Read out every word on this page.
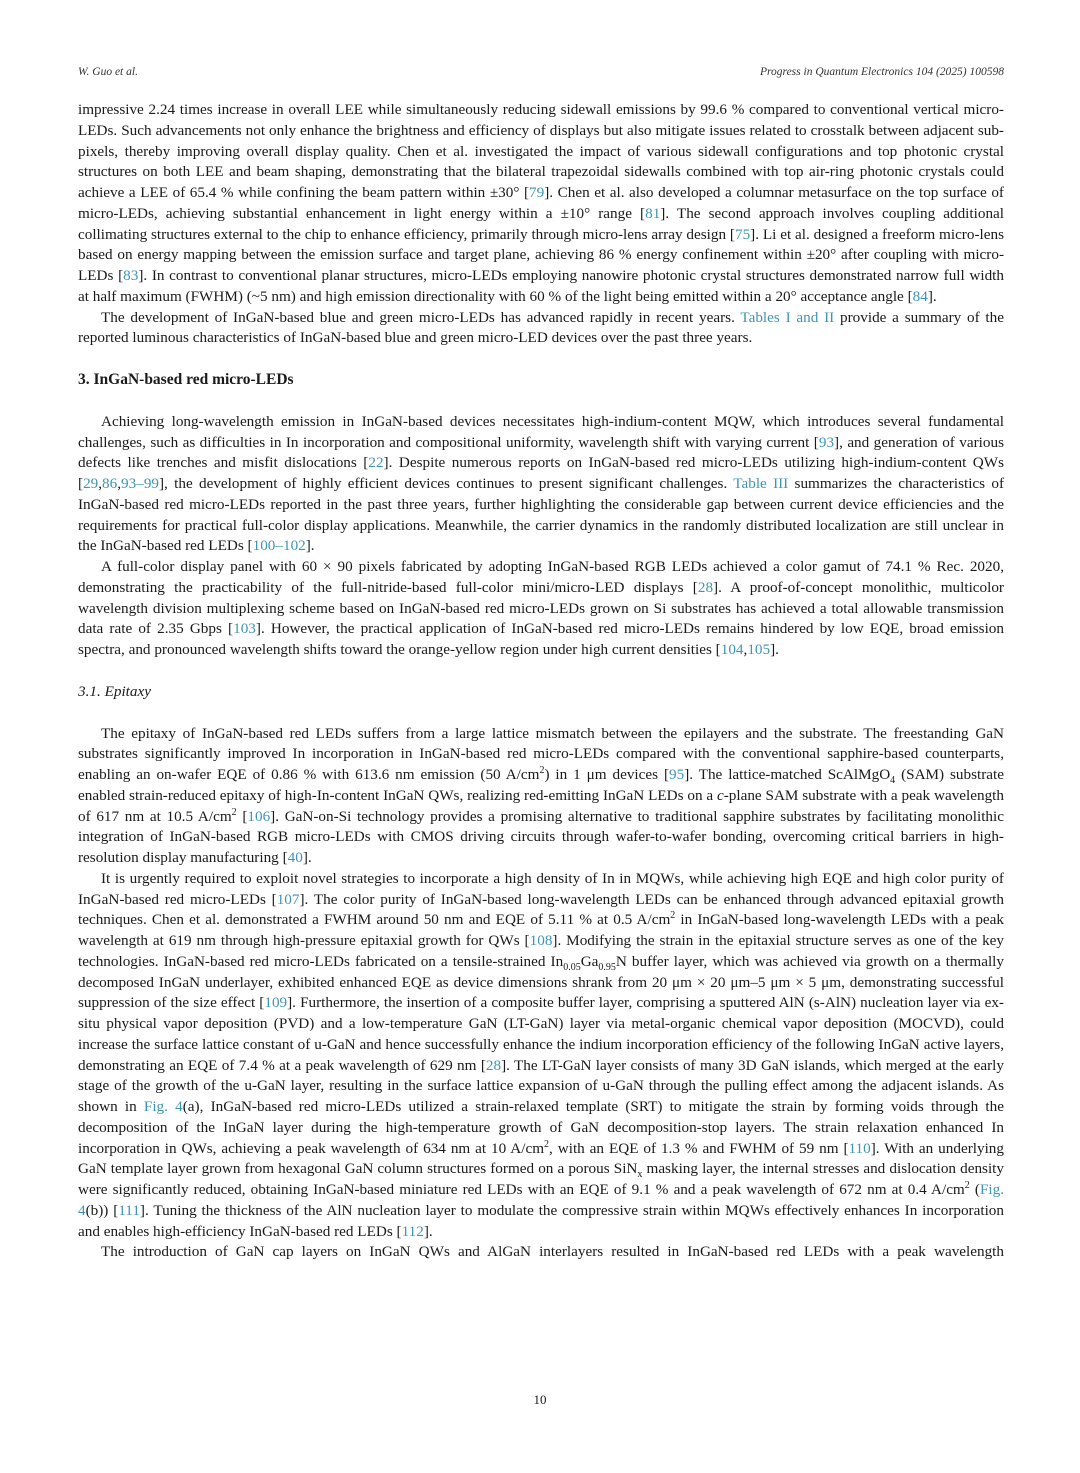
W. Guo et al.	Progress in Quantum Electronics 104 (2025) 100598

impressive 2.24 times increase in overall LEE while simultaneously reducing sidewall emissions by 99.6 % compared to conventional vertical micro-LEDs. Such advancements not only enhance the brightness and efficiency of displays but also mitigate issues related to crosstalk between adjacent sub-pixels, thereby improving overall display quality. Chen et al. investigated the impact of various sidewall configurations and top photonic crystal structures on both LEE and beam shaping, demonstrating that the bilateral trapezoidal sidewalls combined with top air-ring photonic crystals could achieve a LEE of 65.4 % while confining the beam pattern within ±30° [79]. Chen et al. also developed a columnar metasurface on the top surface of micro-LEDs, achieving substantial enhancement in light energy within a ±10° range [81]. The second approach involves coupling additional collimating structures external to the chip to enhance efficiency, primarily through micro-lens array design [75]. Li et al. designed a freeform micro-lens based on energy mapping between the emission surface and target plane, achieving 86 % energy confinement within ±20° after coupling with micro-LEDs [83]. In contrast to conventional planar structures, micro-LEDs employing nanowire photonic crystal structures demonstrated narrow full width at half maximum (FWHM) (~5 nm) and high emission directionality with 60 % of the light being emitted within a 20° acceptance angle [84].

The development of InGaN-based blue and green micro-LEDs has advanced rapidly in recent years. Tables I and II provide a summary of the reported luminous characteristics of InGaN-based blue and green micro-LED devices over the past three years.

3. InGaN-based red micro-LEDs

Achieving long-wavelength emission in InGaN-based devices necessitates high-indium-content MQW, which introduces several fundamental challenges, such as difficulties in In incorporation and compositional uniformity, wavelength shift with varying current [93], and generation of various defects like trenches and misfit dislocations [22]. Despite numerous reports on InGaN-based red micro-LEDs utilizing high-indium-content QWs [29,86,93–99], the development of highly efficient devices continues to present significant challenges. Table III summarizes the characteristics of InGaN-based red micro-LEDs reported in the past three years, further highlighting the considerable gap between current device efficiencies and the requirements for practical full-color display applications. Meanwhile, the carrier dynamics in the randomly distributed localization are still unclear in the InGaN-based red LEDs [100–102].

A full-color display panel with 60 × 90 pixels fabricated by adopting InGaN-based RGB LEDs achieved a color gamut of 74.1 % Rec. 2020, demonstrating the practicability of the full-nitride-based full-color mini/micro-LED displays [28]. A proof-of-concept monolithic, multicolor wavelength division multiplexing scheme based on InGaN-based red micro-LEDs grown on Si substrates has achieved a total allowable transmission data rate of 2.35 Gbps [103]. However, the practical application of InGaN-based red micro-LEDs remains hindered by low EQE, broad emission spectra, and pronounced wavelength shifts toward the orange-yellow region under high current densities [104,105].

3.1. Epitaxy

The epitaxy of InGaN-based red LEDs suffers from a large lattice mismatch between the epilayers and the substrate. The freestanding GaN substrates significantly improved In incorporation in InGaN-based red micro-LEDs compared with the conventional sapphire-based counterparts, enabling an on-wafer EQE of 0.86 % with 613.6 nm emission (50 $A/cm^2$) in 1 μm devices [95]. The lattice-matched ScAlMgO$_4$ (SAM) substrate enabled strain-reduced epitaxy of high-In-content InGaN QWs, realizing red-emitting InGaN LEDs on a c-plane SAM substrate with a peak wavelength of 617 nm at 10.5 $A/cm^2$ [106]. GaN-on-Si technology provides a promising alternative to traditional sapphire substrates by facilitating monolithic integration of InGaN-based RGB micro-LEDs with CMOS driving circuits through wafer-to-wafer bonding, overcoming critical barriers in high-resolution display manufacturing [40].

It is urgently required to exploit novel strategies to incorporate a high density of In in MQWs, while achieving high EQE and high color purity of InGaN-based red micro-LEDs [107]. The color purity of InGaN-based long-wavelength LEDs can be enhanced through advanced epitaxial growth techniques. Chen et al. demonstrated a FWHM around 50 nm and EQE of 5.11 % at 0.5 $A/cm^2$ in InGaN-based long-wavelength LEDs with a peak wavelength at 619 nm through high-pressure epitaxial growth for QWs [108]. Modifying the strain in the epitaxial structure serves as one of the key technologies. InGaN-based red micro-LEDs fabricated on a tensile-strained $In_{0.05}Ga_{0.95}N$ buffer layer, which was achieved via growth on a thermally decomposed InGaN underlayer, exhibited enhanced EQE as device dimensions shrank from 20 μm × 20 μm–5 μm × 5 μm, demonstrating successful suppression of the size effect [109]. Furthermore, the insertion of a composite buffer layer, comprising a sputtered AlN (s-AlN) nucleation layer via ex-situ physical vapor deposition (PVD) and a low-temperature GaN (LT-GaN) layer via metal-organic chemical vapor deposition (MOCVD), could increase the surface lattice constant of u-GaN and hence successfully enhance the indium incorporation efficiency of the following InGaN active layers, demonstrating an EQE of 7.4 % at a peak wavelength of 629 nm [28]. The LT-GaN layer consists of many 3D GaN islands, which merged at the early stage of the growth of the u-GaN layer, resulting in the surface lattice expansion of u-GaN through the pulling effect among the adjacent islands. As shown in Fig. 4(a), InGaN-based red micro-LEDs utilized a strain-relaxed template (SRT) to mitigate the strain by forming voids through the decomposition of the InGaN layer during the high-temperature growth of GaN decomposition-stop layers. The strain relaxation enhanced In incorporation in QWs, achieving a peak wavelength of 634 nm at 10 $A/cm^2$, with an EQE of 1.3 % and FWHM of 59 nm [110]. With an underlying GaN template layer grown from hexagonal GaN column structures formed on a porous SiN$_x$ masking layer, the internal stresses and dislocation density were significantly reduced, obtaining InGaN-based miniature red LEDs with an EQE of 9.1 % and a peak wavelength of 672 nm at 0.4 $A/cm^2$ (Fig. 4(b)) [111]. Tuning the thickness of the AlN nucleation layer to modulate the compressive strain within MQWs effectively enhances In incorporation and enables high-efficiency InGaN-based red LEDs [112].

The introduction of GaN cap layers on InGaN QWs and AlGaN interlayers resulted in InGaN-based red LEDs with a peak wavelength

10
